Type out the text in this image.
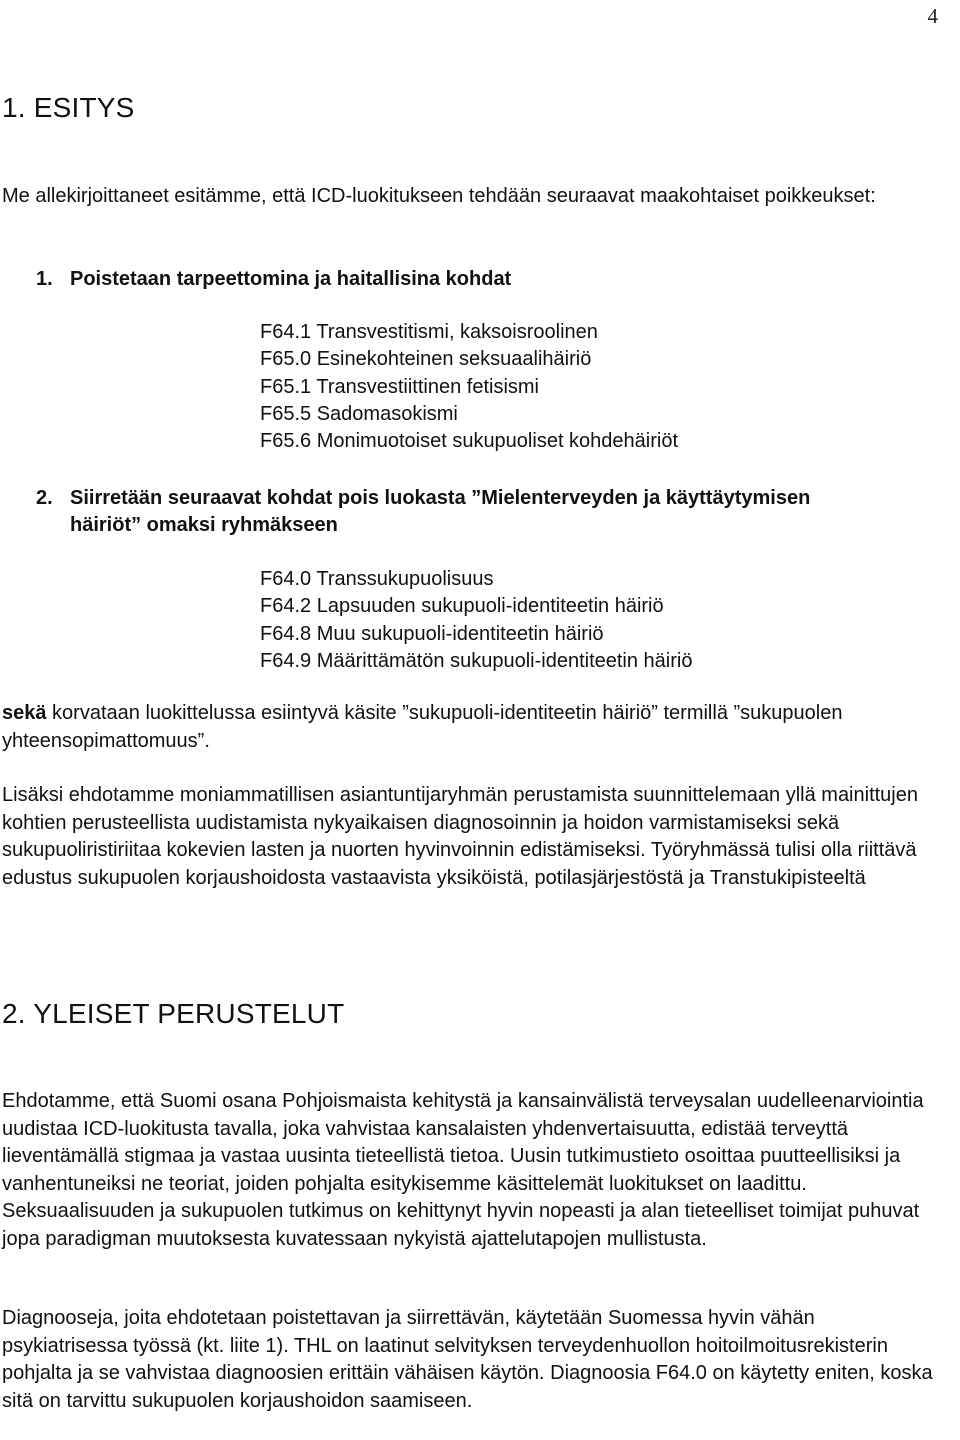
4
1. ESITYS

Me allekirjoittaneet esitämme, että ICD-luokitukseen tehdään seuraavat maakohtaiset poikkeukset:

1. Poistetaan tarpeettomina ja haitallisina kohdat
F64.1 Transvestitismi, kaksoisroolinen
F65.0 Esinekohteinen seksuaalihäiriö
F65.1 Transvestiittinen fetisismi
F65.5 Sadomasokismi
F65.6 Monimuotoiset sukupuoliset kohdehäiriöt
2. Siirretään seuraavat kohdat pois luokasta ”Mielenterveyden ja käyttäytymisen
häiriöt” omaksi ryhmäkseen
F64.0 Transsukupuolisuus
F64.2 Lapsuuden sukupuoli-identiteetin häiriö
F64.8 Muu sukupuoli-identiteetin häiriö
F64.9 Määrittämätön sukupuoli-identiteetin häiriö

sekä korvataan luokittelussa esiintyvä käsite ”sukupuoli-identiteetin häiriö” termillä ”sukupuolen yhteensopimattomuus”.

Lisäksi ehdotamme moniammatillisen asiantuntijaryhmän perustamista suunnittelemaan yllä mainittujen kohtien perusteellista uudistamista nykyaikaisen diagnosoinnin ja hoidon varmistamiseksi sekä sukupuoliristiriitaa kokevien lasten ja nuorten hyvinvoinnin edistämiseksi. Työryhmässä tulisi olla riittävä edustus sukupuolen korjaushoidosta vastaavista yksiköistä, potilasjärjestöstä ja Transtukipisteeltä

2. YLEISET PERUSTELUT

Ehdotamme, että Suomi osana Pohjoismaista kehitystä ja kansainvälistä terveysalan uudelleenarviointia uudistaa ICD-luokitusta tavalla, joka vahvistaa kansalaisten yhdenvertaisuutta, edistää terveyttä lieventämällä stigmaa ja vastaa uusinta tieteellistä tietoa. Uusin tutkimustieto osoittaa puutteellisiksi ja vanhentuneiksi ne teoriat, joiden pohjalta esitykisemme käsittelemät luokitukset on laadittu. Seksuaalisuuden ja sukupuolen tutkimus on kehittynyt hyvin nopeasti ja alan tieteelliset toimijat puhuvat jopa paradigman muutoksesta kuvatessaan nykyistä ajattelutapojen mullistusta.

Diagnooseja, joita ehdotetaan poistettavan ja siirrettävän, käytetään Suomessa hyvin vähän psykiatrisessa työssä (kt. liite 1). THL on laatinut selvityksen terveydenhuollon hoitoilmoitusrekisterin pohjalta ja se vahvistaa diagnoosien erittäin vähäisen käytön. Diagnoosia F64.0 on käytetty eniten, koska sitä on tarvittu sukupuolen korjaushoidon saamiseen.
